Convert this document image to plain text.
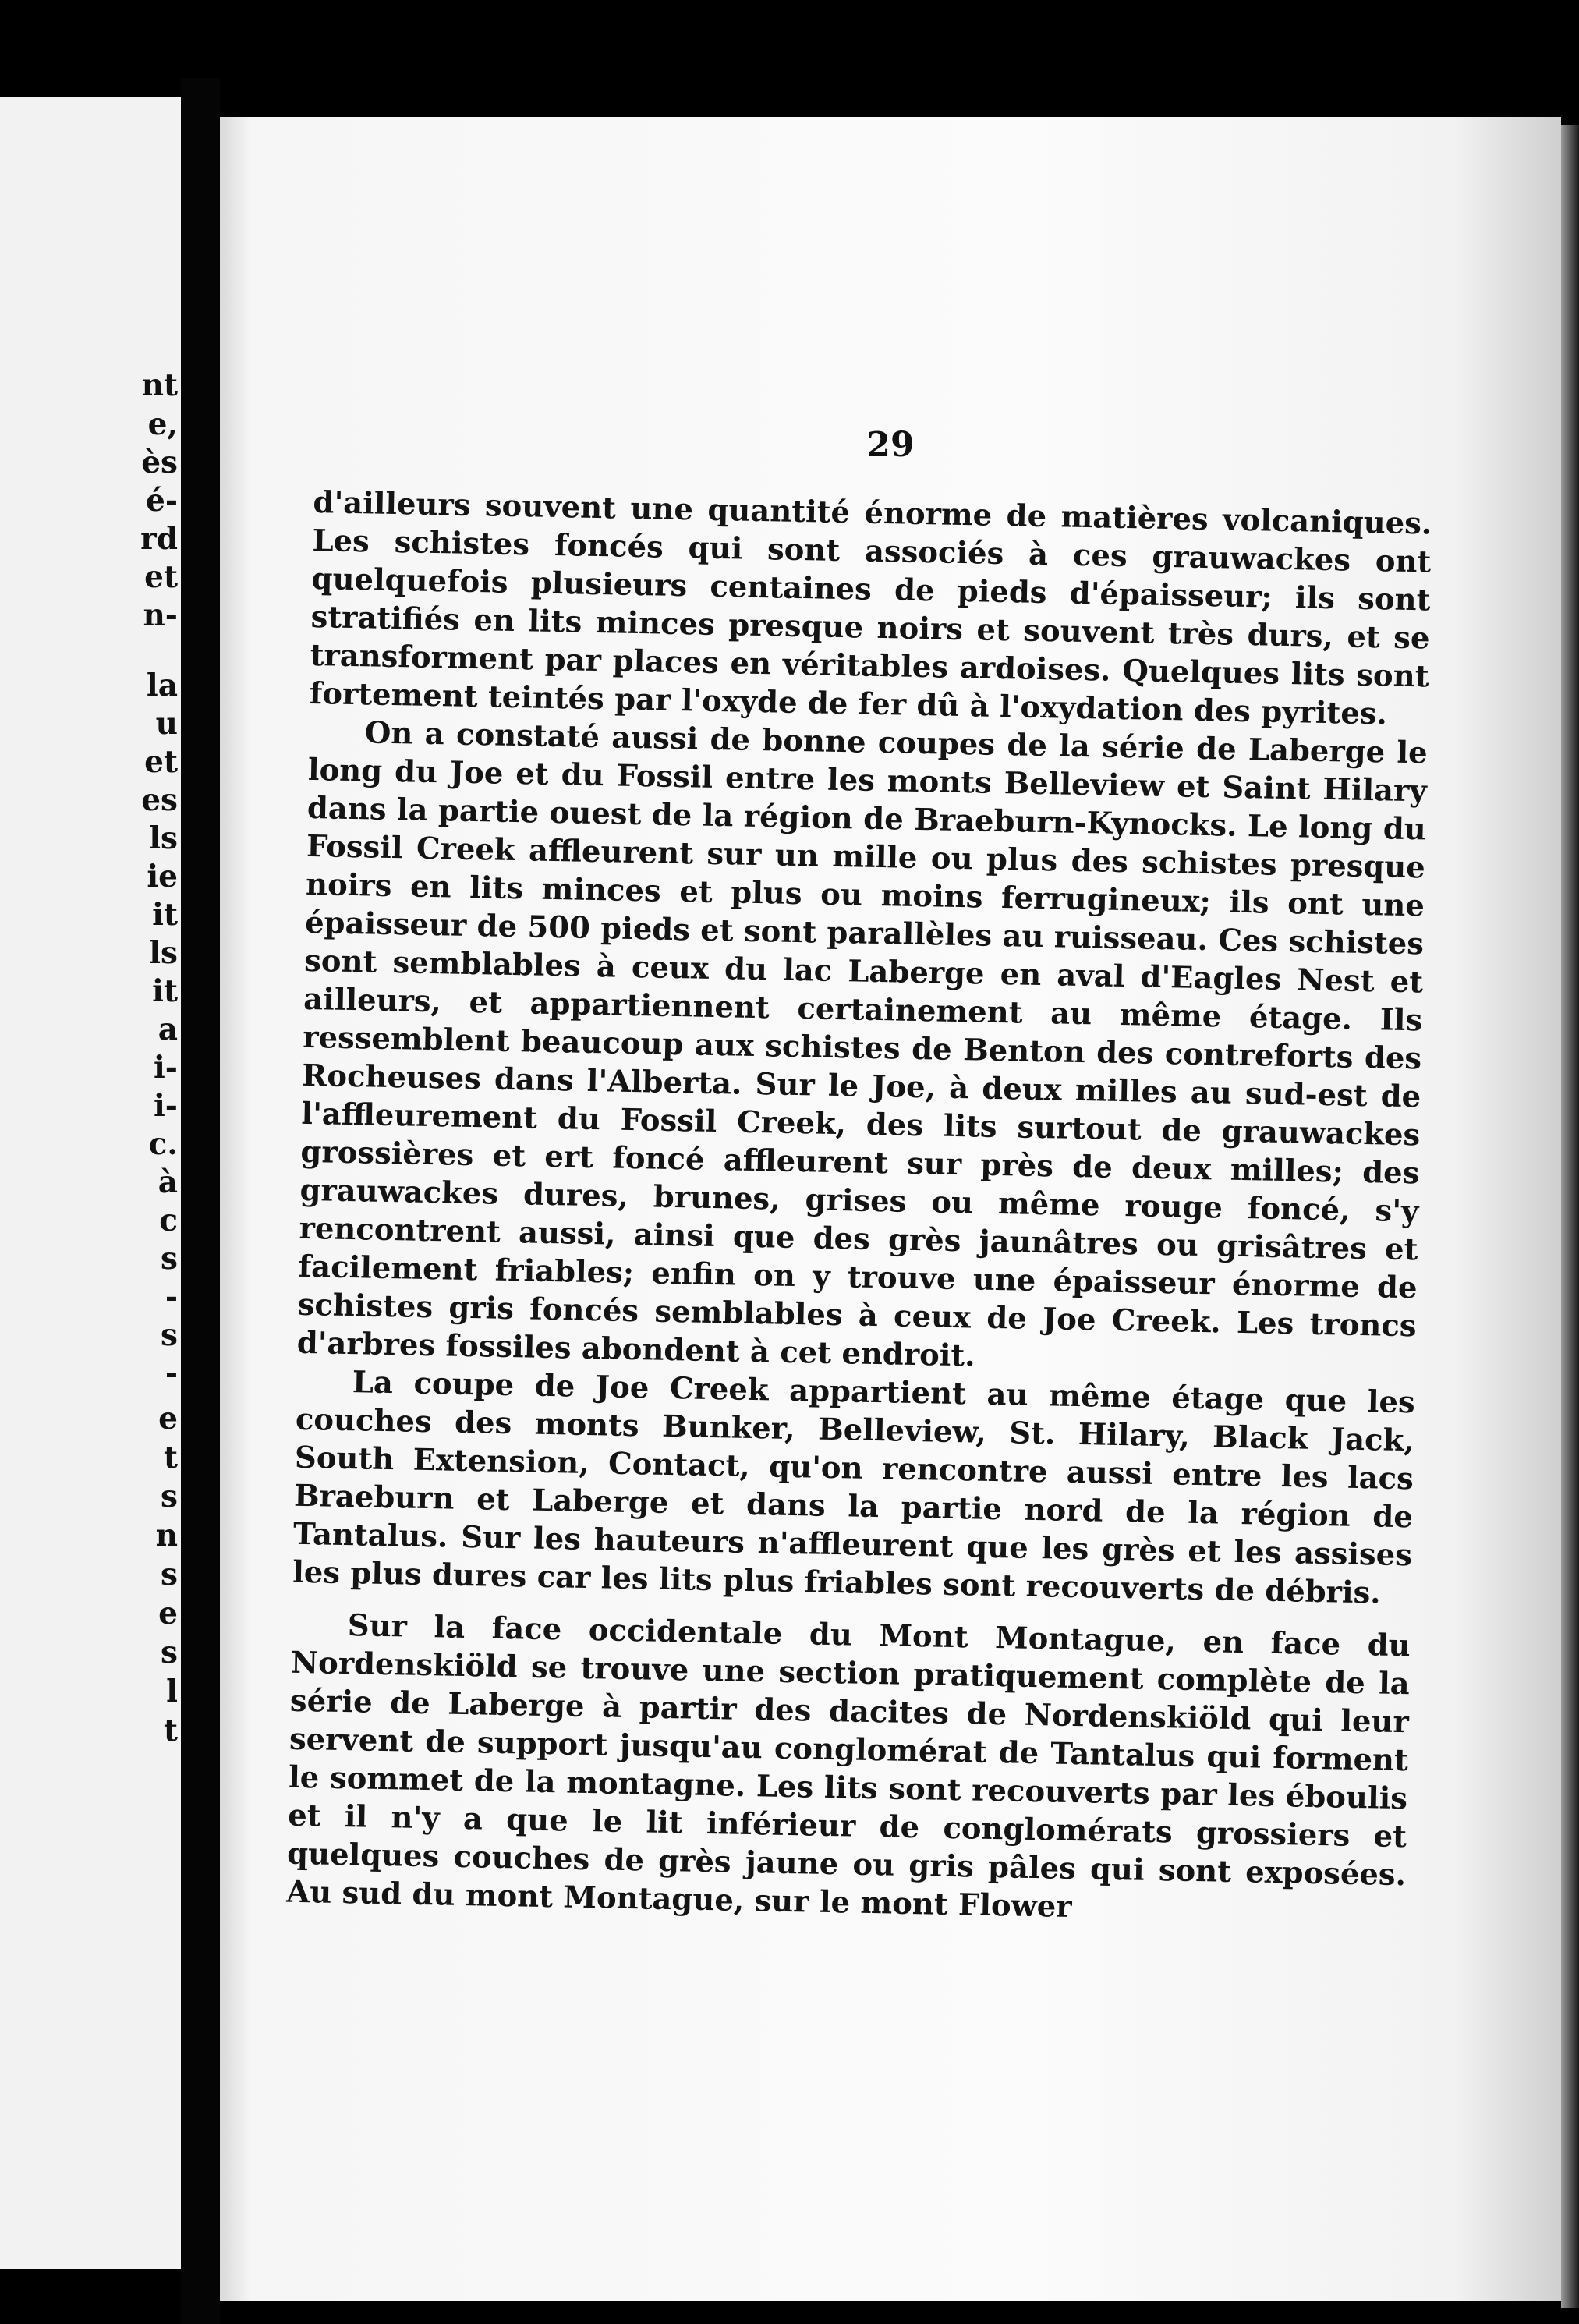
nt
e,
ès
é-
rd
et
n-
la
u
et
es
ls
ie
it
ls
it
a
i-
i-
c.
à
c
s
-
s
-
e
t
s
n
s
e
s
l
t
29

d'ailleurs souvent une quantité énorme de matières volcaniques. Les schistes foncés qui sont associés à ces grauwackes ont quelquefois plusieurs centaines de pieds d'épaisseur; ils sont stratifiés en lits minces presque noirs et souvent très durs, et se transforment par places en véritables ardoises. Quelques lits sont fortement teintés par l'oxyde de fer dû à l'oxydation des pyrites.

On a constaté aussi de bonne coupes de la série de Laberge le long du Joe et du Fossil entre les monts Belleview et Saint Hilary dans la partie ouest de la région de Braeburn-Kynocks. Le long du Fossil Creek affleurent sur un mille ou plus des schistes presque noirs en lits minces et plus ou moins ferrugineux; ils ont une épaisseur de 500 pieds et sont parallèles au ruisseau. Ces schistes sont semblables à ceux du lac Laberge en aval d'Eagles Nest et ailleurs, et appartiennent certainement au même étage. Ils ressemblent beaucoup aux schistes de Benton des contreforts des Rocheuses dans l'Alberta. Sur le Joe, à deux milles au sud-est de l'affleurement du Fossil Creek, des lits surtout de grauwackes grossières et ert foncé affleurent sur près de deux milles; des grauwackes dures, brunes, grises ou même rouge foncé, s'y rencontrent aussi, ainsi que des grès jaunâtres ou grisâtres et facilement friables; enfin on y trouve une épaisseur énorme de schistes gris foncés semblables à ceux de Joe Creek. Les troncs d'arbres fossiles abondent à cet endroit.

La coupe de Joe Creek appartient au même étage que les couches des monts Bunker, Belleview, St. Hilary, Black Jack, South Extension, Contact, qu'on rencontre aussi entre les lacs Braeburn et Laberge et dans la partie nord de la région de Tantalus. Sur les hauteurs n'affleurent que les grès et les assises les plus dures car les lits plus friables sont recouverts de débris.

Sur la face occidentale du Mont Montague, en face du Nordenskiöld se trouve une section pratiquement complète de la série de Laberge à partir des dacites de Nordenskiöld qui leur servent de support jusqu'au conglomérat de Tantalus qui forment le sommet de la montagne. Les lits sont recouverts par les éboulis et il n'y a que le lit inférieur de conglomérats grossiers et quelques couches de grès jaune ou gris pâles qui sont exposées. Au sud du mont Montague, sur le mont Flower
